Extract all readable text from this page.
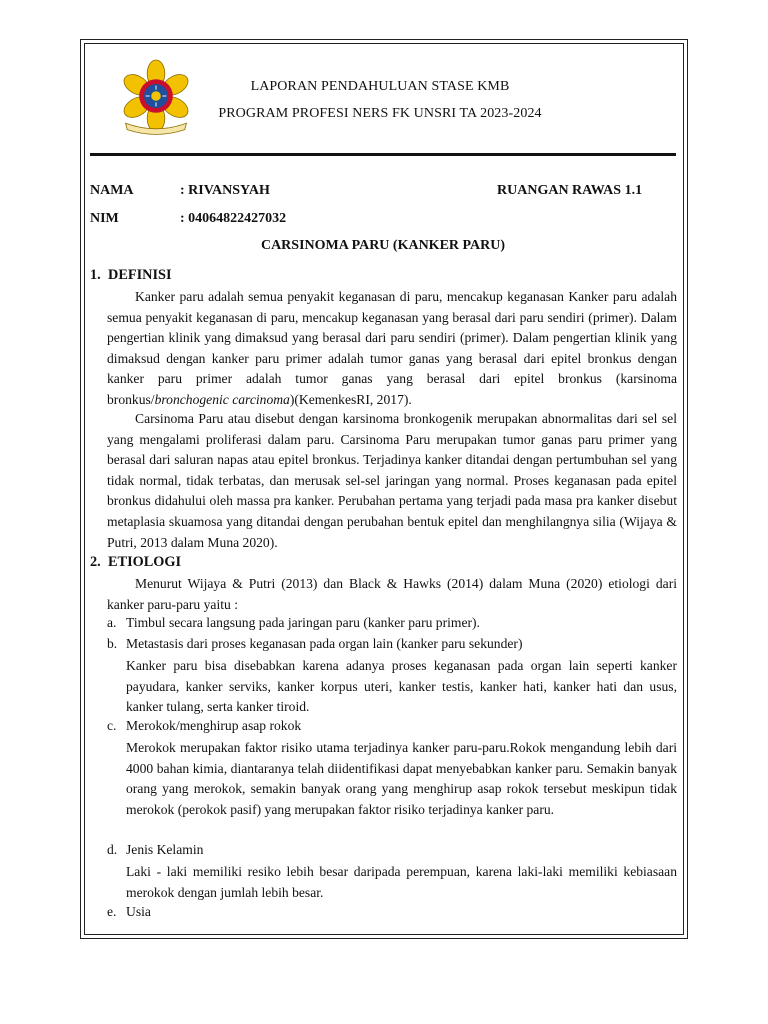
LAPORAN PENDAHULUAN STASE KMB
PROGRAM PROFESI NERS FK UNSRI TA 2023-2024
NAMA	: RIVANSYAH	RUANGAN RAWAS 1.1
NIM	: 04064822427032
CARSINOMA PARU (KANKER PARU)
1. DEFINISI

Kanker paru adalah semua penyakit keganasan di paru, mencakup keganasan Kanker paru adalah semua penyakit keganasan di paru, mencakup keganasan yang berasal dari paru sendiri (primer). Dalam pengertian klinik yang dimaksud yang berasal dari paru sendiri (primer). Dalam pengertian klinik yang dimaksud dengan kanker paru primer adalah tumor ganas yang berasal dari epitel bronkus dengan kanker paru primer adalah tumor ganas yang berasal dari epitel bronkus (karsinoma bronkus/bronchogenic carcinoma)(KemenkesRI, 2017).

Carsinoma Paru atau disebut dengan karsinoma bronkogenik merupakan abnormalitas dari sel sel yang mengalami proliferasi dalam paru. Carsinoma Paru merupakan tumor ganas paru primer yang berasal dari saluran napas atau epitel bronkus. Terjadinya kanker ditandai dengan pertumbuhan sel yang tidak normal, tidak terbatas, dan merusak sel-sel jaringan yang normal. Proses keganasan pada epitel bronkus didahului oleh massa pra kanker. Perubahan pertama yang terjadi pada masa pra kanker disebut metaplasia skuamosa yang ditandai dengan perubahan bentuk epitel dan menghilangnya silia (Wijaya & Putri, 2013 dalam Muna 2020).

2. ETIOLOGI

Menurut Wijaya & Putri (2013) dan Black & Hawks (2014) dalam Muna (2020) etiologi dari kanker paru-paru yaitu :

a. Timbul secara langsung pada jaringan paru (kanker paru primer).
b. Metastasis dari proses keganasan pada organ lain (kanker paru sekunder)

Kanker paru bisa disebabkan karena adanya proses keganasan pada organ lain seperti kanker payudara, kanker serviks, kanker korpus uteri, kanker testis, kanker hati, kanker hati dan usus, kanker tulang, serta kanker tiroid.

c. Merokok/menghirup asap rokok

Merokok merupakan faktor risiko utama terjadinya kanker paru-paru.Rokok mengandung lebih dari 4000 bahan kimia, diantaranya telah diidentifikasi dapat menyebabkan kanker paru. Semakin banyak orang yang merokok, semakin banyak orang yang menghirup asap rokok tersebut meskipun tidak merokok (perokok pasif) yang merupakan faktor risiko terjadinya kanker paru.

d. Jenis Kelamin

Laki - laki memiliki resiko lebih besar daripada perempuan, karena laki-laki memiliki kebiasaan merokok dengan jumlah lebih besar.

e. Usia
